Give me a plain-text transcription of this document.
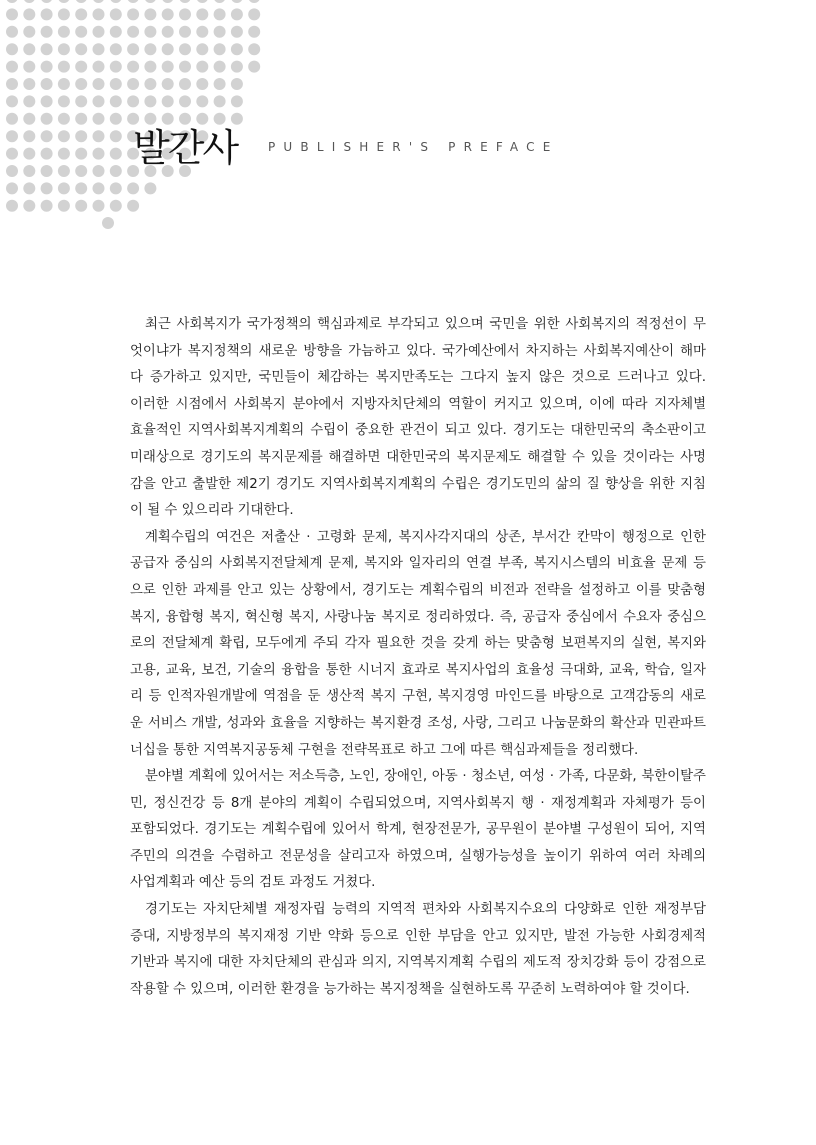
발간사	PUBLISHER'S PREFACE
최근 사회복지가 국가정책의 핵심과제로 부각되고 있으며 국민을 위한 사회복지의 적정선이 무
엇이냐가 복지정책의 새로운 방향을 가늠하고 있다. 국가예산에서 차지하는 사회복지예산이 해마
다 증가하고 있지만, 국민들이 체감하는 복지만족도는 그다지 높지 않은 것으로 드러나고 있다.
이러한 시점에서 사회복지 분야에서 지방자치단체의 역할이 커지고 있으며, 이에 따라 지자체별
효율적인 지역사회복지계획의 수립이 중요한 관건이 되고 있다. 경기도는 대한민국의 축소판이고
미래상으로 경기도의 복지문제를 해결하면 대한민국의 복지문제도 해결할 수 있을 것이라는 사명
감을 안고 출발한 제2기 경기도 지역사회복지계획의 수립은 경기도민의 삶의 질 향상을 위한 지침
이 될 수 있으리라 기대한다.
계획수립의 여건은 저출산 · 고령화 문제, 복지사각지대의 상존, 부서간 칸막이 행정으로 인한
공급자 중심의 사회복지전달체계 문제, 복지와 일자리의 연결 부족, 복지시스템의 비효율 문제 등
으로 인한 과제를 안고 있는 상황에서, 경기도는 계획수립의 비전과 전략을 설정하고 이를 맞춤형
복지, 융합형 복지, 혁신형 복지, 사랑나눔 복지로 정리하였다. 즉, 공급자 중심에서 수요자 중심으
로의 전달체계 확립, 모두에게 주되 각자 필요한 것을 갖게 하는 맞춤형 보편복지의 실현, 복지와
고용, 교육, 보건, 기술의 융합을 통한 시너지 효과로 복지사업의 효율성 극대화, 교육, 학습, 일자
리 등 인적자원개발에 역점을 둔 생산적 복지 구현, 복지경영 마인드를 바탕으로 고객감동의 새로
운 서비스 개발, 성과와 효율을 지향하는 복지환경 조성, 사랑, 그리고 나눔문화의 확산과 민관파트
너십을 통한 지역복지공동체 구현을 전략목표로 하고 그에 따른 핵심과제들을 정리했다.
분야별 계획에 있어서는 저소득층, 노인, 장애인, 아동 · 청소년, 여성 · 가족, 다문화, 북한이탈주
민, 정신건강 등 8개 분야의 계획이 수립되었으며, 지역사회복지 행 · 재정계획과 자체평가 등이
포함되었다. 경기도는 계획수립에 있어서 학계, 현장전문가, 공무원이 분야별 구성원이 되어, 지역
주민의 의견을 수렴하고 전문성을 살리고자 하였으며, 실행가능성을 높이기 위하여 여러 차례의
사업계획과 예산 등의 검토 과정도 거쳤다.
경기도는 자치단체별 재정자립 능력의 지역적 편차와 사회복지수요의 다양화로 인한 재정부담
증대, 지방정부의 복지재정 기반 약화 등으로 인한 부담을 안고 있지만, 발전 가능한 사회경제적
기반과 복지에 대한 자치단체의 관심과 의지, 지역복지계획 수립의 제도적 장치강화 등이 강점으로
작용할 수 있으며, 이러한 환경을 능가하는 복지정책을 실현하도록 꾸준히 노력하여야 할 것이다.
